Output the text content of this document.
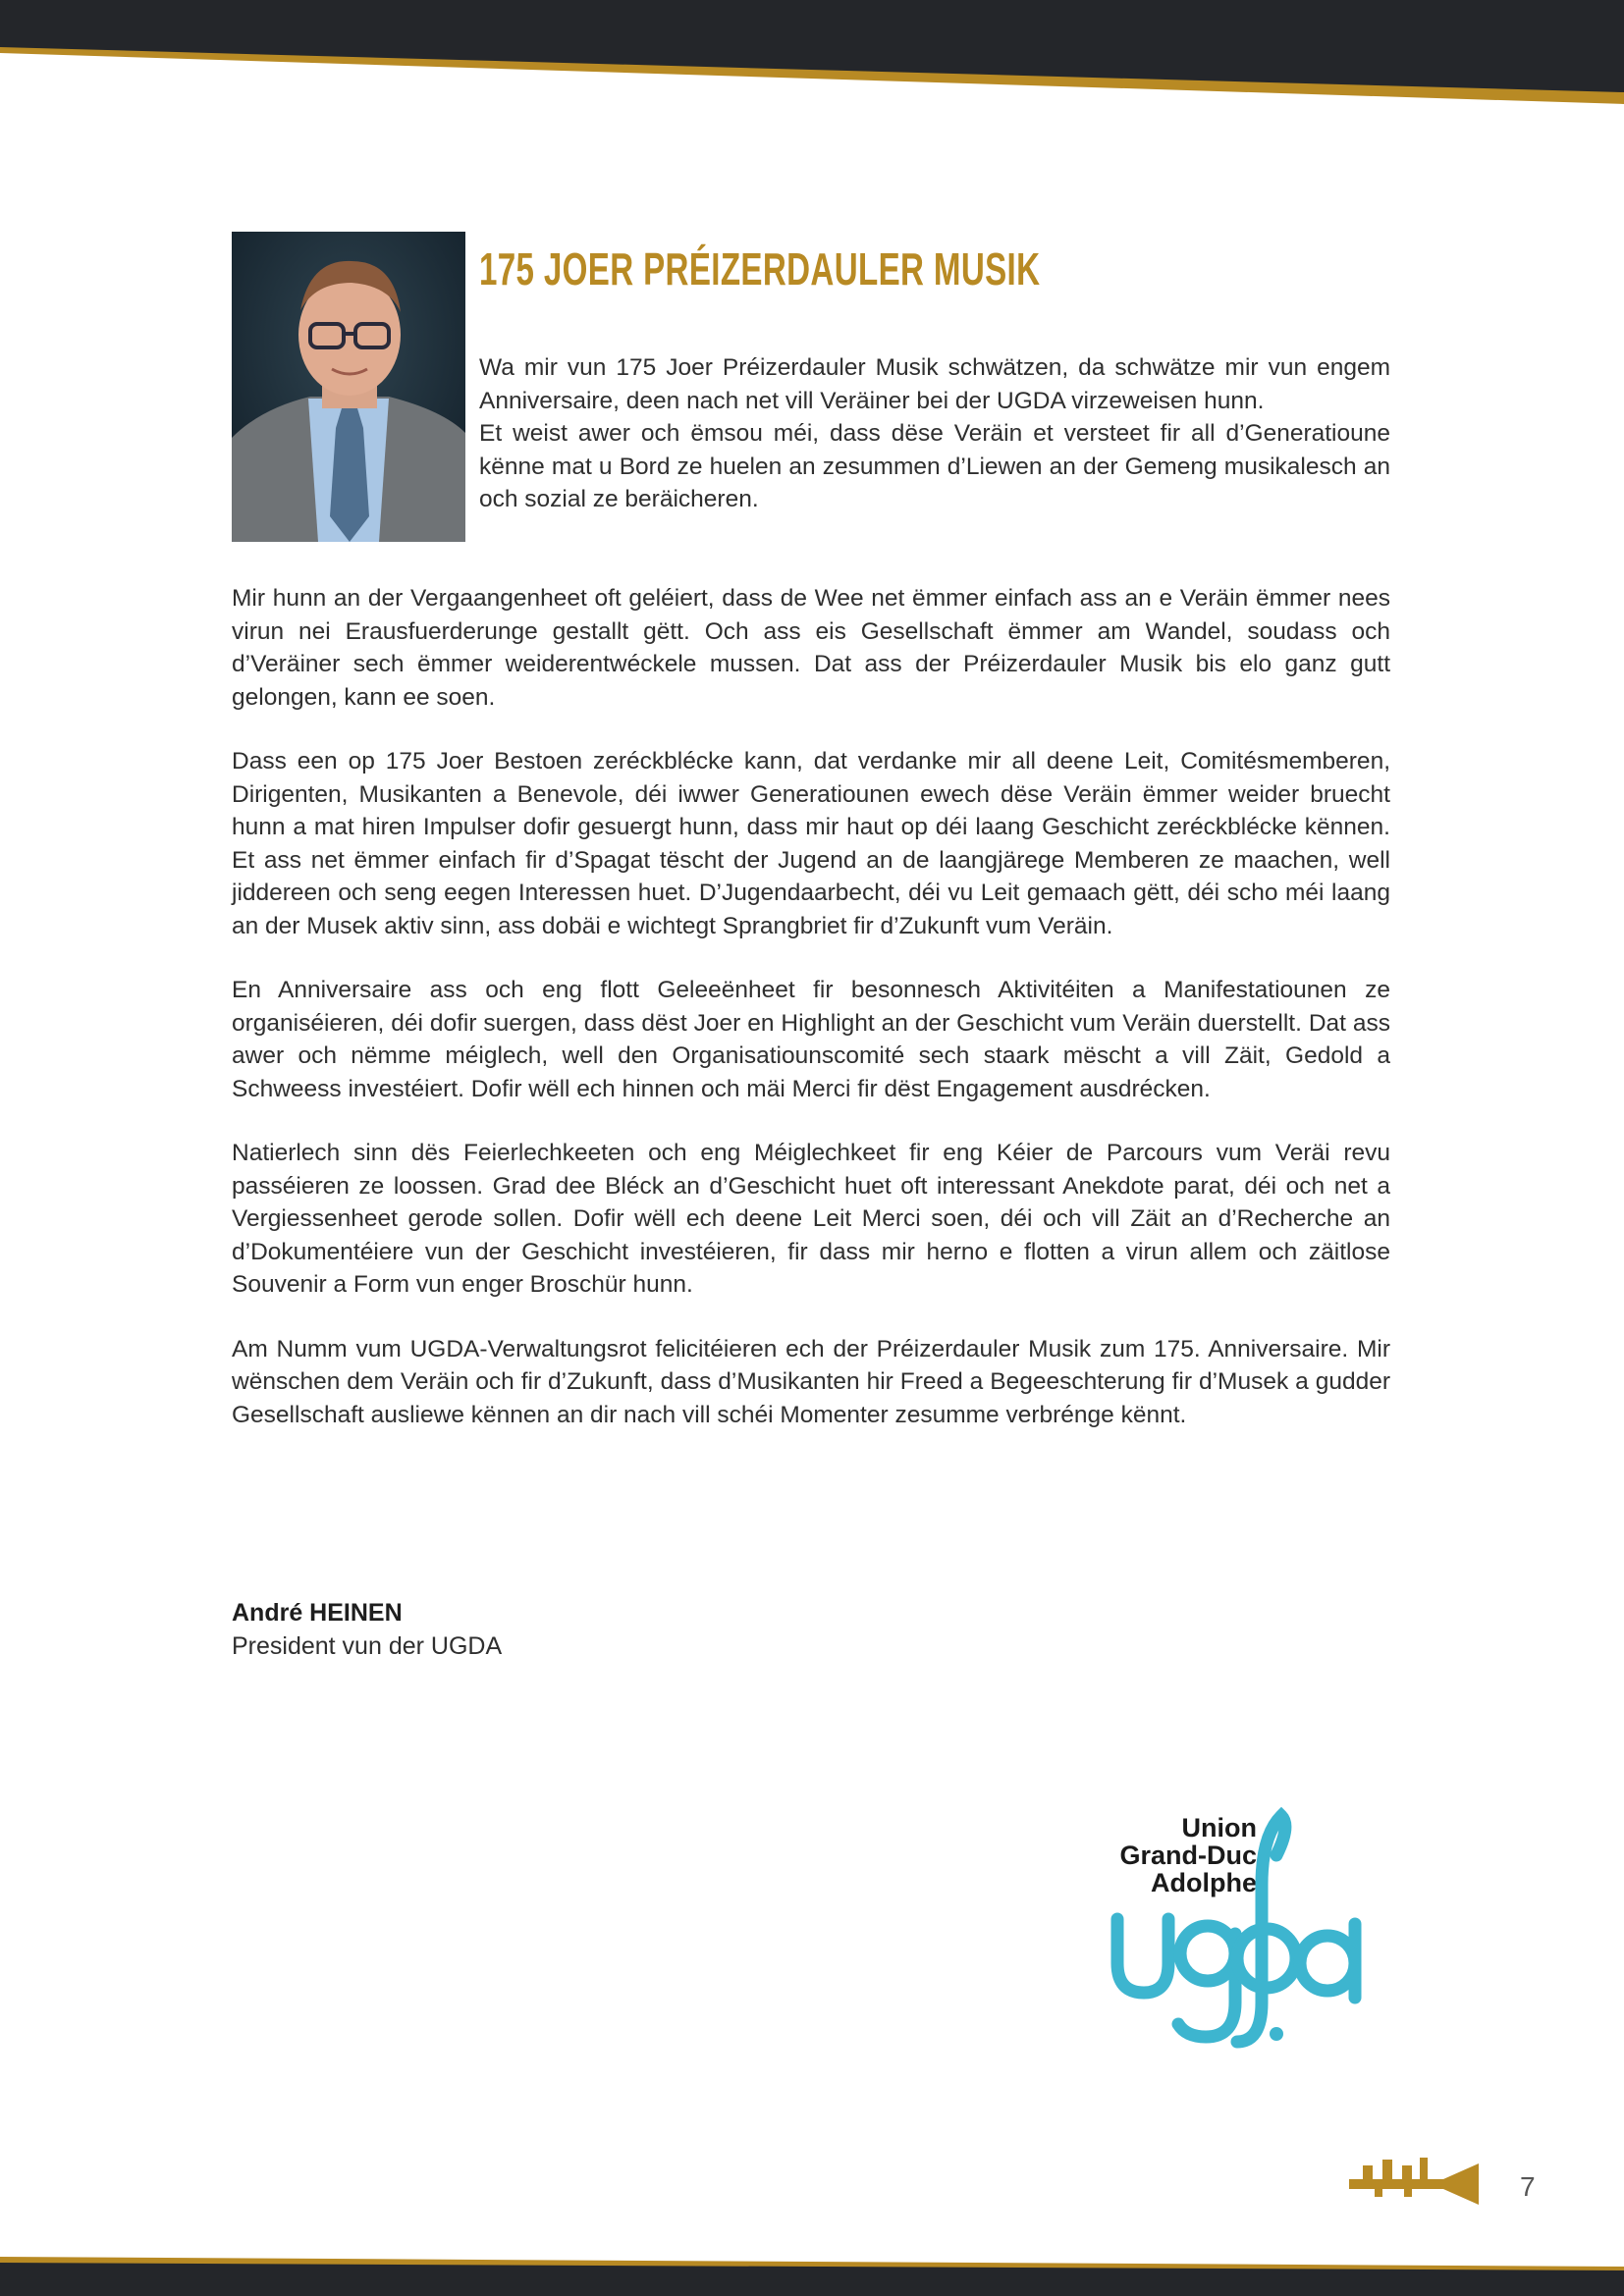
175 JOER PRÉIZERDAULER MUSIK

Wa mir vun 175 Joer Préizerdauler Musik schwätzen, da schwätze mir vun engem Anniversaire, deen nach net vill Veräiner bei der UGDA virzeweisen hunn.

Et weist awer och ëmsou méi, dass dëse Veräin et versteet fir all d’Generatioune kënne mat u Bord ze huelen an zesummen d’Liewen an der Gemeng musikalesch an och sozial ze beräicheren.

Mir hunn an der Vergaangenheet oft geléiert, dass de Wee net ëmmer einfach ass an e Veräin ëmmer nees virun nei Erausfuerderunge gestallt gëtt. Och ass eis Gesellschaft ëmmer am Wandel, soudass och d’Veräiner sech ëmmer weiderentwéckele mussen. Dat ass der Préizerdauler Musik bis elo ganz gutt gelongen, kann ee soen.

Dass een op 175 Joer Bestoen zeréckblécke kann, dat verdanke mir all deene Leit, Comitésmemberen, Dirigenten, Musikanten a Benevole, déi iwwer Generatiounen ewech dëse Veräin ëmmer weider bruecht hunn a mat hiren Impulser dofir gesuergt hunn, dass mir haut op déi laang Geschicht zeréckblécke kënnen. Et ass net ëmmer einfach fir d’Spagat tëscht der Jugend an de laangjärege Memberen ze maachen, well jiddereen och seng eegen Interessen huet. D’Jugendaarbecht, déi vu Leit gemaach gëtt, déi scho méi laang an der Musek aktiv sinn, ass dobäi e wichtegt Sprangbriet fir d’Zukunft vum Veräin.

En Anniversaire ass och eng flott Geleeënheet fir besonnesch Aktivitéiten a Manifestatiounen ze organiséieren, déi dofir suergen, dass dëst Joer en Highlight an der Geschicht vum Veräin duerstellt. Dat ass awer och nëmme méiglech, well den Organisatiounscomité sech staark mëscht a vill Zäit, Gedold a Schweess investéiert. Dofir wëll ech hinnen och mäi Merci fir dëst Engagement ausdrécken.

Natierlech sinn dës Feierlechkeeten och eng Méiglechkeet fir eng Kéier de Parcours vum Veräi revu passéieren ze loossen. Grad dee Bléck an d’Geschicht huet oft interessant Anekdote parat, déi och net a Vergiessenheet gerode sollen. Dofir wëll ech deene Leit Merci soen, déi och vill Zäit an d’Recherche an d’Dokumentéiere vun der Geschicht investéieren, fir dass mir herno e flotten a virun allem och zäitlose Souvenir a Form vun enger Broschür hunn.

Am Numm vum UGDA-Verwaltungsrot felicitéieren ech der Préizerdauler Musik zum 175. Anniversaire. Mir wënschen dem Veräin och fir d’Zukunft, dass d’Musikanten hir Freed a Begeeschterung fir d’Musek a gudder Gesellschaft ausliewe kënnen an dir nach vill schéi Momenter zesumme verbrénge kënnt.

André HEINEN
President vun der UGDA
Union
Grand-Duc
Adolphe
7
